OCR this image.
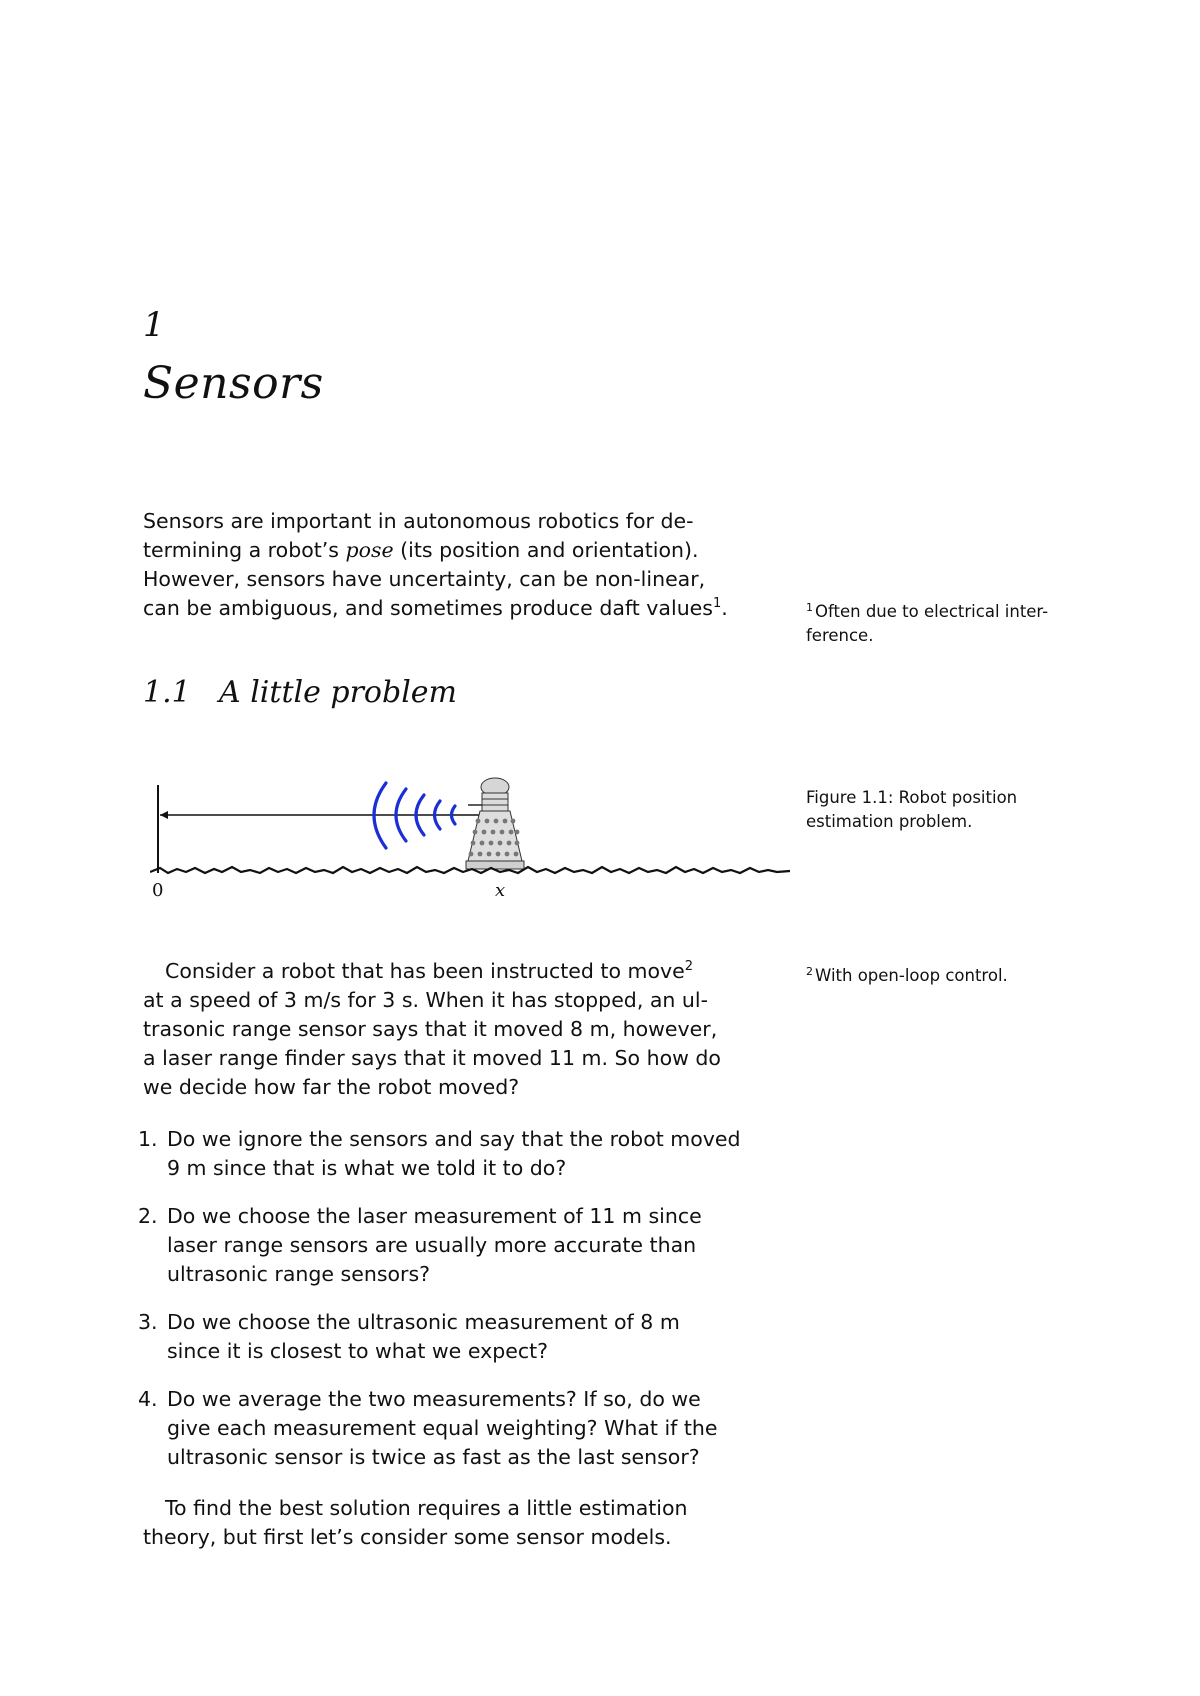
1
Sensors
Sensors are important in autonomous robotics for de-
termining a robot’s pose (its position and orientation).
However, sensors have uncertainty, can be non-linear,
can be ambiguous, and sometimes produce daft values$^1$.	$^1$ Often due to electrical inter-
ference.
1.1 A little problem
0	x
Figure 1.1: Robot position
estimation problem.
Consider a robot that has been instructed to move$^2$
at a speed of 3 m/s for 3 s. When it has stopped, an ul-
trasonic range sensor says that it moved 8 m, however,
a laser range finder says that it moved 11 m. So how do
we decide how far the robot moved?
$^2$ With open-loop control.
1. Do we ignore the sensors and say that the robot moved
9 m since that is what we told it to do?
2. Do we choose the laser measurement of 11 m since
laser range sensors are usually more accurate than
ultrasonic range sensors?
3. Do we choose the ultrasonic measurement of 8 m
since it is closest to what we expect?
4. Do we average the two measurements? If so, do we
give each measurement equal weighting? What if the
ultrasonic sensor is twice as fast as the last sensor?
To find the best solution requires a little estimation
theory, but first let’s consider some sensor models.
